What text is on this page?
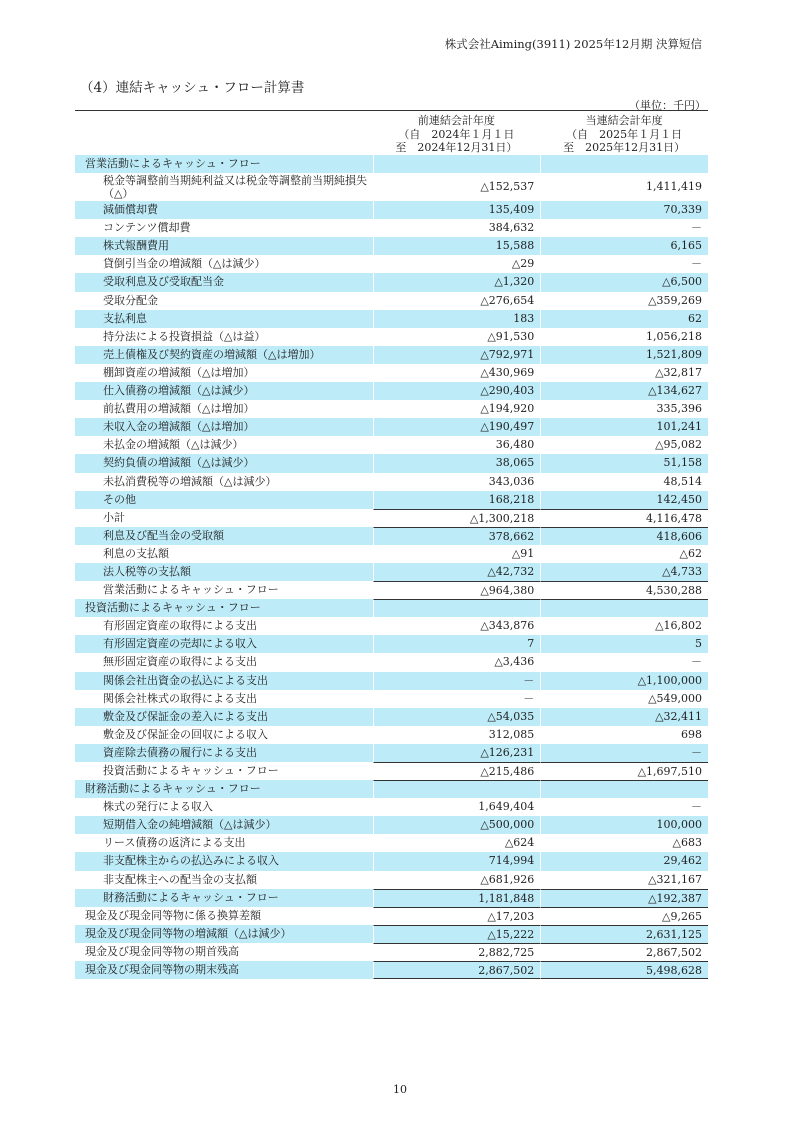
株式会社Aiming(3911) 2025年12月期 決算短信
（4）連結キャッシュ・フロー計算書
（単位：千円）
前連結会計年度
（自　2024年１月１日
至　2024年12月31日）
当連結会計年度
（自　2025年１月１日
至　2025年12月31日）
営業活動によるキャッシュ・フロー
税金等調整前当期純利益又は税金等調整前当期純損失（△）	△152,537	1,411,419
減価償却費	135,409	70,339
コンテンツ償却費	384,632	－
株式報酬費用	15,588	6,165
貸倒引当金の増減額（△は減少）	△29	－
受取利息及び受取配当金	△1,320	△6,500
受取分配金	△276,654	△359,269
支払利息	183	62
持分法による投資損益（△は益）	△91,530	1,056,218
売上債権及び契約資産の増減額（△は増加）	△792,971	1,521,809
棚卸資産の増減額（△は増加）	△430,969	△32,817
仕入債務の増減額（△は減少）	△290,403	△134,627
前払費用の増減額（△は増加）	△194,920	335,396
未収入金の増減額（△は増加）	△190,497	101,241
未払金の増減額（△は減少）	36,480	△95,082
契約負債の増減額（△は減少）	38,065	51,158
未払消費税等の増減額（△は減少）	343,036	48,514
その他	168,218	142,450
小計	△1,300,218	4,116,478
利息及び配当金の受取額	378,662	418,606
利息の支払額	△91	△62
法人税等の支払額	△42,732	△4,733
営業活動によるキャッシュ・フロー	△964,380	4,530,288
投資活動によるキャッシュ・フロー
有形固定資産の取得による支出	△343,876	△16,802
有形固定資産の売却による収入	7	5
無形固定資産の取得による支出	△3,436	－
関係会社出資金の払込による支出	－	△1,100,000
関係会社株式の取得による支出	－	△549,000
敷金及び保証金の差入による支出	△54,035	△32,411
敷金及び保証金の回収による収入	312,085	698
資産除去債務の履行による支出	△126,231	－
投資活動によるキャッシュ・フロー	△215,486	△1,697,510
財務活動によるキャッシュ・フロー
株式の発行による収入	1,649,404	－
短期借入金の純増減額（△は減少）	△500,000	100,000
リース債務の返済による支出	△624	△683
非支配株主からの払込みによる収入	714,994	29,462
非支配株主への配当金の支払額	△681,926	△321,167
財務活動によるキャッシュ・フロー	1,181,848	△192,387
現金及び現金同等物に係る換算差額	△17,203	△9,265
現金及び現金同等物の増減額（△は減少）	△15,222	2,631,125
現金及び現金同等物の期首残高	2,882,725	2,867,502
現金及び現金同等物の期末残高	2,867,502	5,498,628
10
